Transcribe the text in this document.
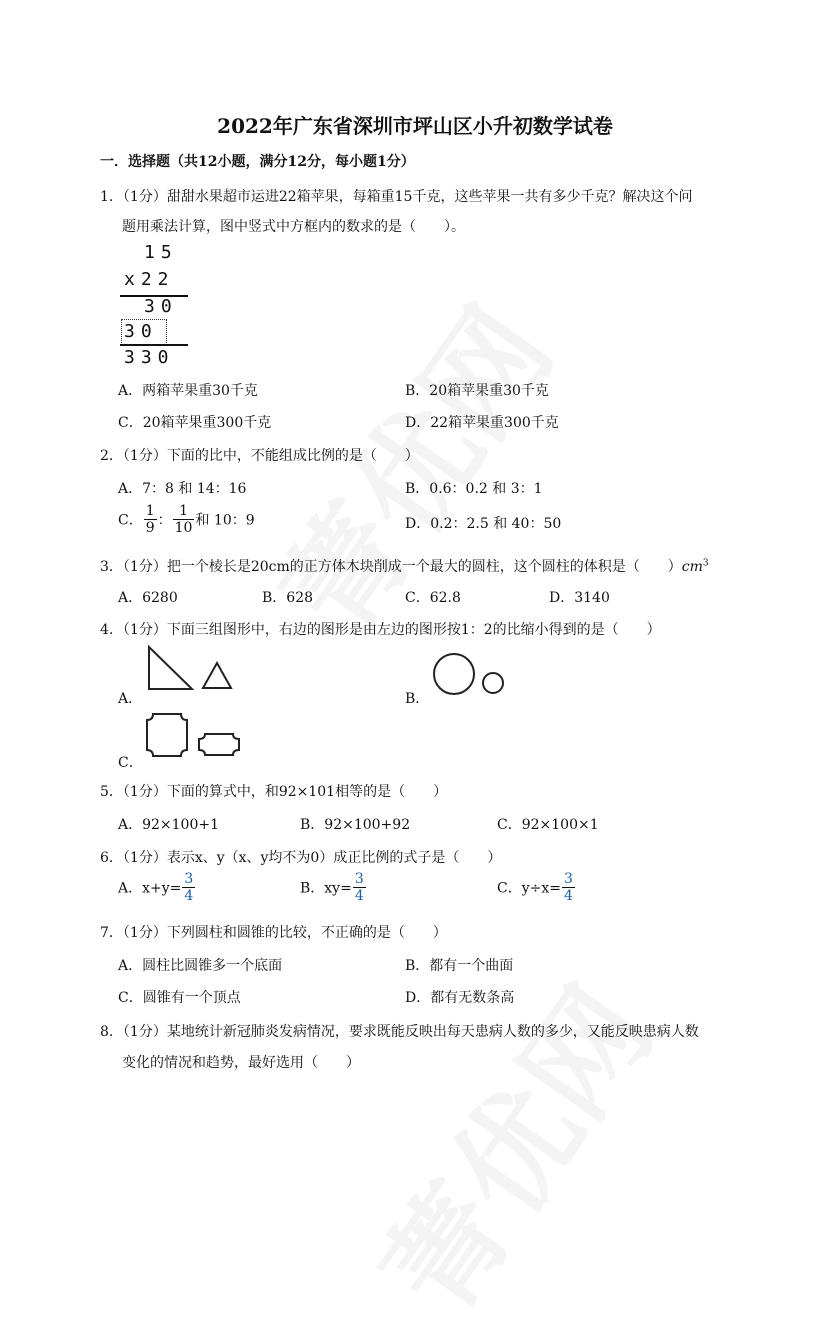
2022年广东省深圳市坪山区小升初数学试卷
一．选择题（共12小题，满分12分，每小题1分）
1．（1分）甜甜水果超市运进22箱苹果，每箱重15千克，这些苹果一共有多少千克？解决这个问
题用乘法计算，图中竖式中方框内的数求的是（　　）。
15
x22
30
30
330
A．两箱苹果重30千克	B．20箱苹果重30千克
C．20箱苹果重300千克	D．22箱苹果重300千克
2．（1分）下面的比中，不能组成比例的是（　　）
A．7：8 和 14：16	B．0.6：0.2 和 3：1
C． $\frac{1}{9}$ ： $\frac{1}{10}$ 和 10：9	D．0.2：2.5 和 40：50
3．（1分）把一个棱长是20cm的正方体木块削成一个最大的圆柱，这个圆柱的体积是（　　）$cm^3$
A．6280	B．628	C．62.8	D．3140
4．（1分）下面三组图形中，右边的图形是由左边的图形按1：2的比缩小得到的是（　　）
A．	B．
C．
5．（1分）下面的算式中，和92×101相等的是（　　）
A．92×100+1	B．92×100+92	C．92×100×1
6．（1分）表示x、y（x、y均不为0）成正比例的式子是（　　）
A．$x+y= \frac{3}{4}$	B．$xy= \frac{3}{4}$	C．$y\div x= \frac{3}{4}$
7．（1分）下列圆柱和圆锥的比较，不正确的是（　　）
A．圆柱比圆锥多一个底面	B．都有一个曲面
C．圆锥有一个顶点	D．都有无数条高
8．（1分）某地统计新冠肺炎发病情况，要求既能反映出每天患病人数的多少，又能反映患病人数
变化的情况和趋势，最好选用（　　）
